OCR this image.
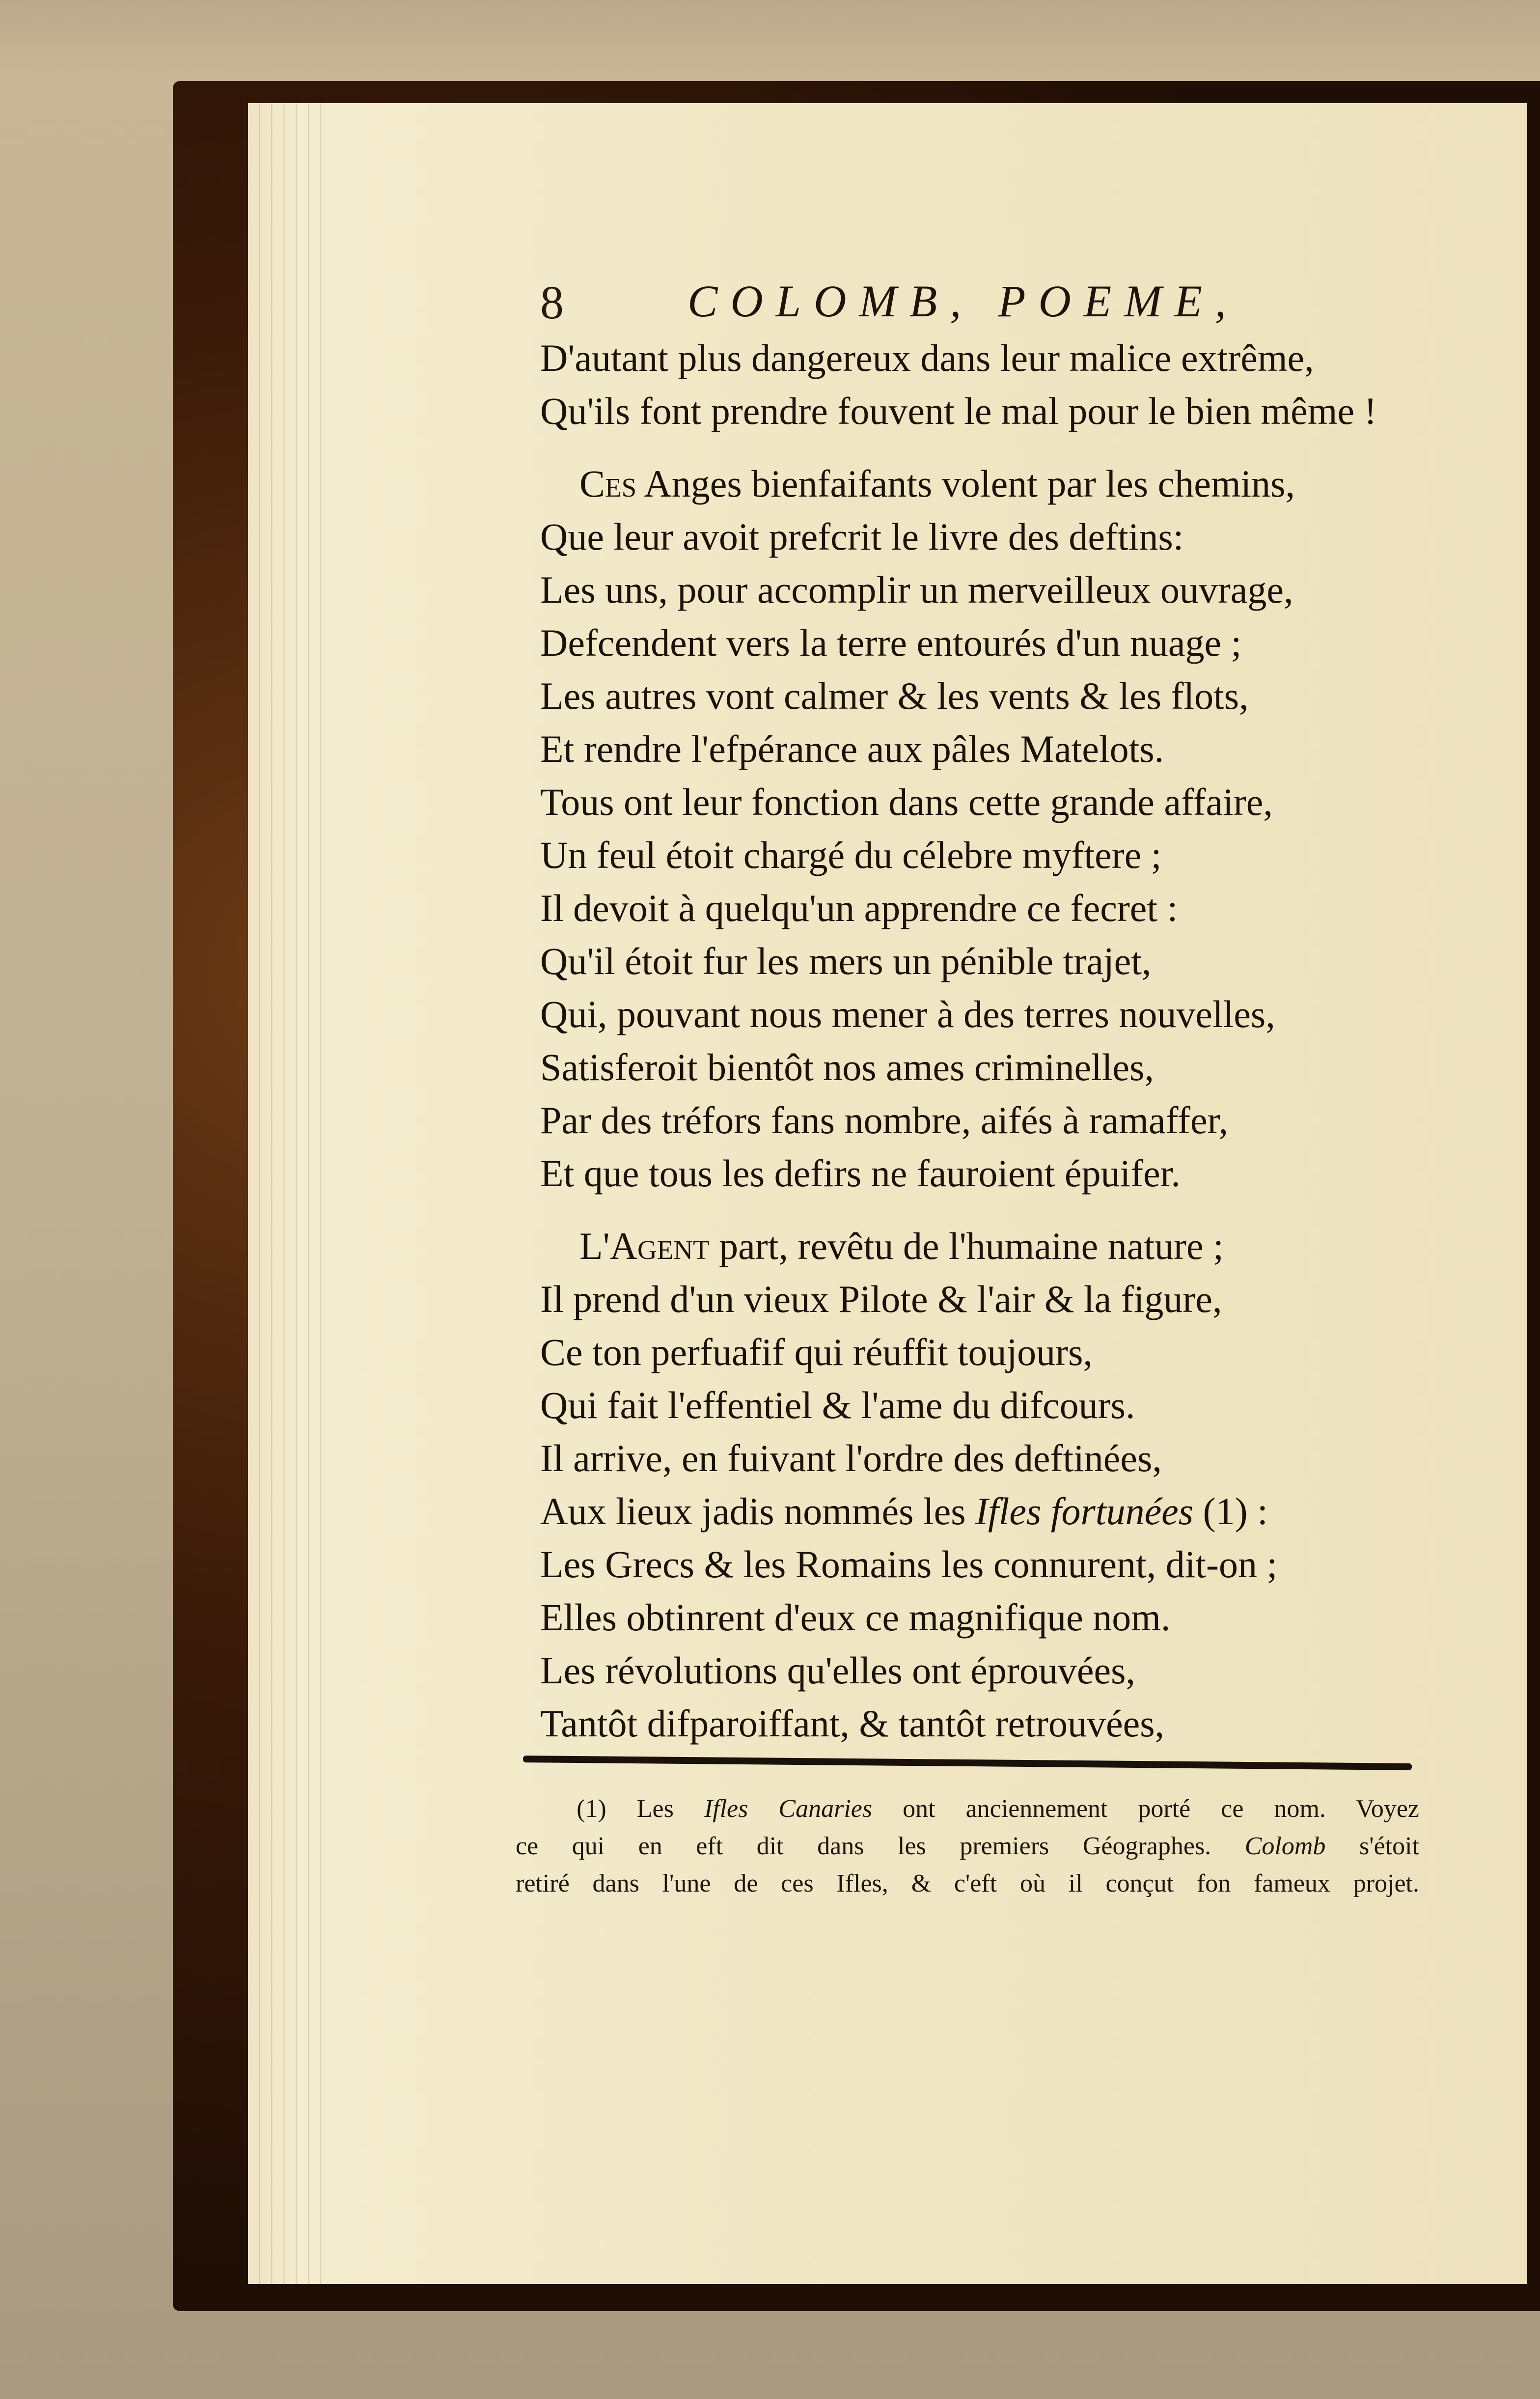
8	COLOMB, POEME,
D'autant plus dangereux dans leur malice extrême,
Qu'ils font prendre fouvent le mal pour le bien même !
Ces Anges bienfaifants volent par les chemins,
Que leur avoit prefcrit le livre des deftins:
Les uns, pour accomplir un merveilleux ouvrage,
Defcendent vers la terre entourés d'un nuage ;
Les autres vont calmer & les vents & les flots,
Et rendre l'efpérance aux pâles Matelots.
Tous ont leur fonction dans cette grande affaire,
Un feul étoit chargé du célebre myftere ;
Il devoit à quelqu'un apprendre ce fecret :
Qu'il étoit fur les mers un pénible trajet,
Qui, pouvant nous mener à des terres nouvelles,
Satisferoit bientôt nos ames criminelles,
Par des tréfors fans nombre, aifés à ramaffer,
Et que tous les defirs ne fauroient épuifer.
L'Agent part, revêtu de l'humaine nature ;
Il prend d'un vieux Pilote & l'air & la figure,
Ce ton perfuafif qui réuffit toujours,
Qui fait l'effentiel & l'ame du difcours.
Il arrive, en fuivant l'ordre des deftinées,
Aux lieux jadis nommés les Ifles fortunées (1) :
Les Grecs & les Romains les connurent, dit-on ;
Elles obtinrent d'eux ce magnifique nom.
Les révolutions qu'elles ont éprouvées,
Tantôt difparoiffant, & tantôt retrouvées,
(1) Les Ifles Canaries ont anciennement porté ce nom. Voyez
ce qui en eft dit dans les premiers Géographes. Colomb s'étoit
retiré dans l'une de ces Ifles, & c'eft où il conçut fon fameux projet.
